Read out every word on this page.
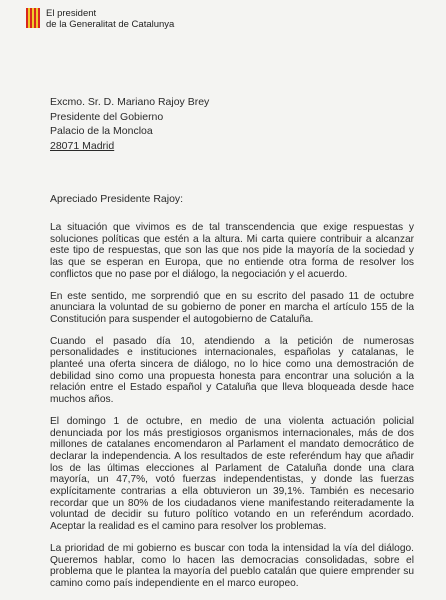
El president
de la Generalitat de Catalunya
Excmo. Sr. D. Mariano Rajoy Brey
Presidente del Gobierno
Palacio de la Moncloa
28071 Madrid
Apreciado Presidente Rajoy:

La situación que vivimos es de tal transcendencia que exige respuestas y soluciones políticas que estén a la altura. Mi carta quiere contribuir a alcanzar este tipo de respuestas, que son las que nos pide la mayoría de la sociedad y las que se esperan en Europa, que no entiende otra forma de resolver los conflictos que no pase por el diálogo, la negociación y el acuerdo.

En este sentido, me sorprendió que en su escrito del pasado 11 de octubre anunciara la voluntad de su gobierno de poner en marcha el artículo 155 de la Constitución para suspender el autogobierno de Cataluña.

Cuando el pasado día 10, atendiendo a la petición de numerosas personalidades e instituciones internacionales, españolas y catalanas, le planteé una oferta sincera de diálogo, no lo hice como una demostración de debilidad sino como una propuesta honesta para encontrar una solución a la relación entre el Estado español y Cataluña que lleva bloqueada desde hace muchos años.

El domingo 1 de octubre, en medio de una violenta actuación policial denunciada por los más prestigiosos organismos internacionales, más de dos millones de catalanes encomendaron al Parlament el mandato democrático de declarar la independencia. A los resultados de este referéndum hay que añadir los de las últimas elecciones al Parlament de Cataluña donde una clara mayoría, un 47,7%, votó fuerzas independentistas, y donde las fuerzas explícitamente contrarias a ella obtuvieron un 39,1%. También es necesario recordar que un 80% de los ciudadanos viene manifestando reiteradamente la voluntad de decidir su futuro político votando en un referéndum acordado. Aceptar la realidad es el camino para resolver los problemas.

La prioridad de mi gobierno es buscar con toda la intensidad la vía del diálogo. Queremos hablar, como lo hacen las democracias consolidadas, sobre el problema que le plantea la mayoría del pueblo catalán que quiere emprender su camino como país independiente en el marco europeo.
